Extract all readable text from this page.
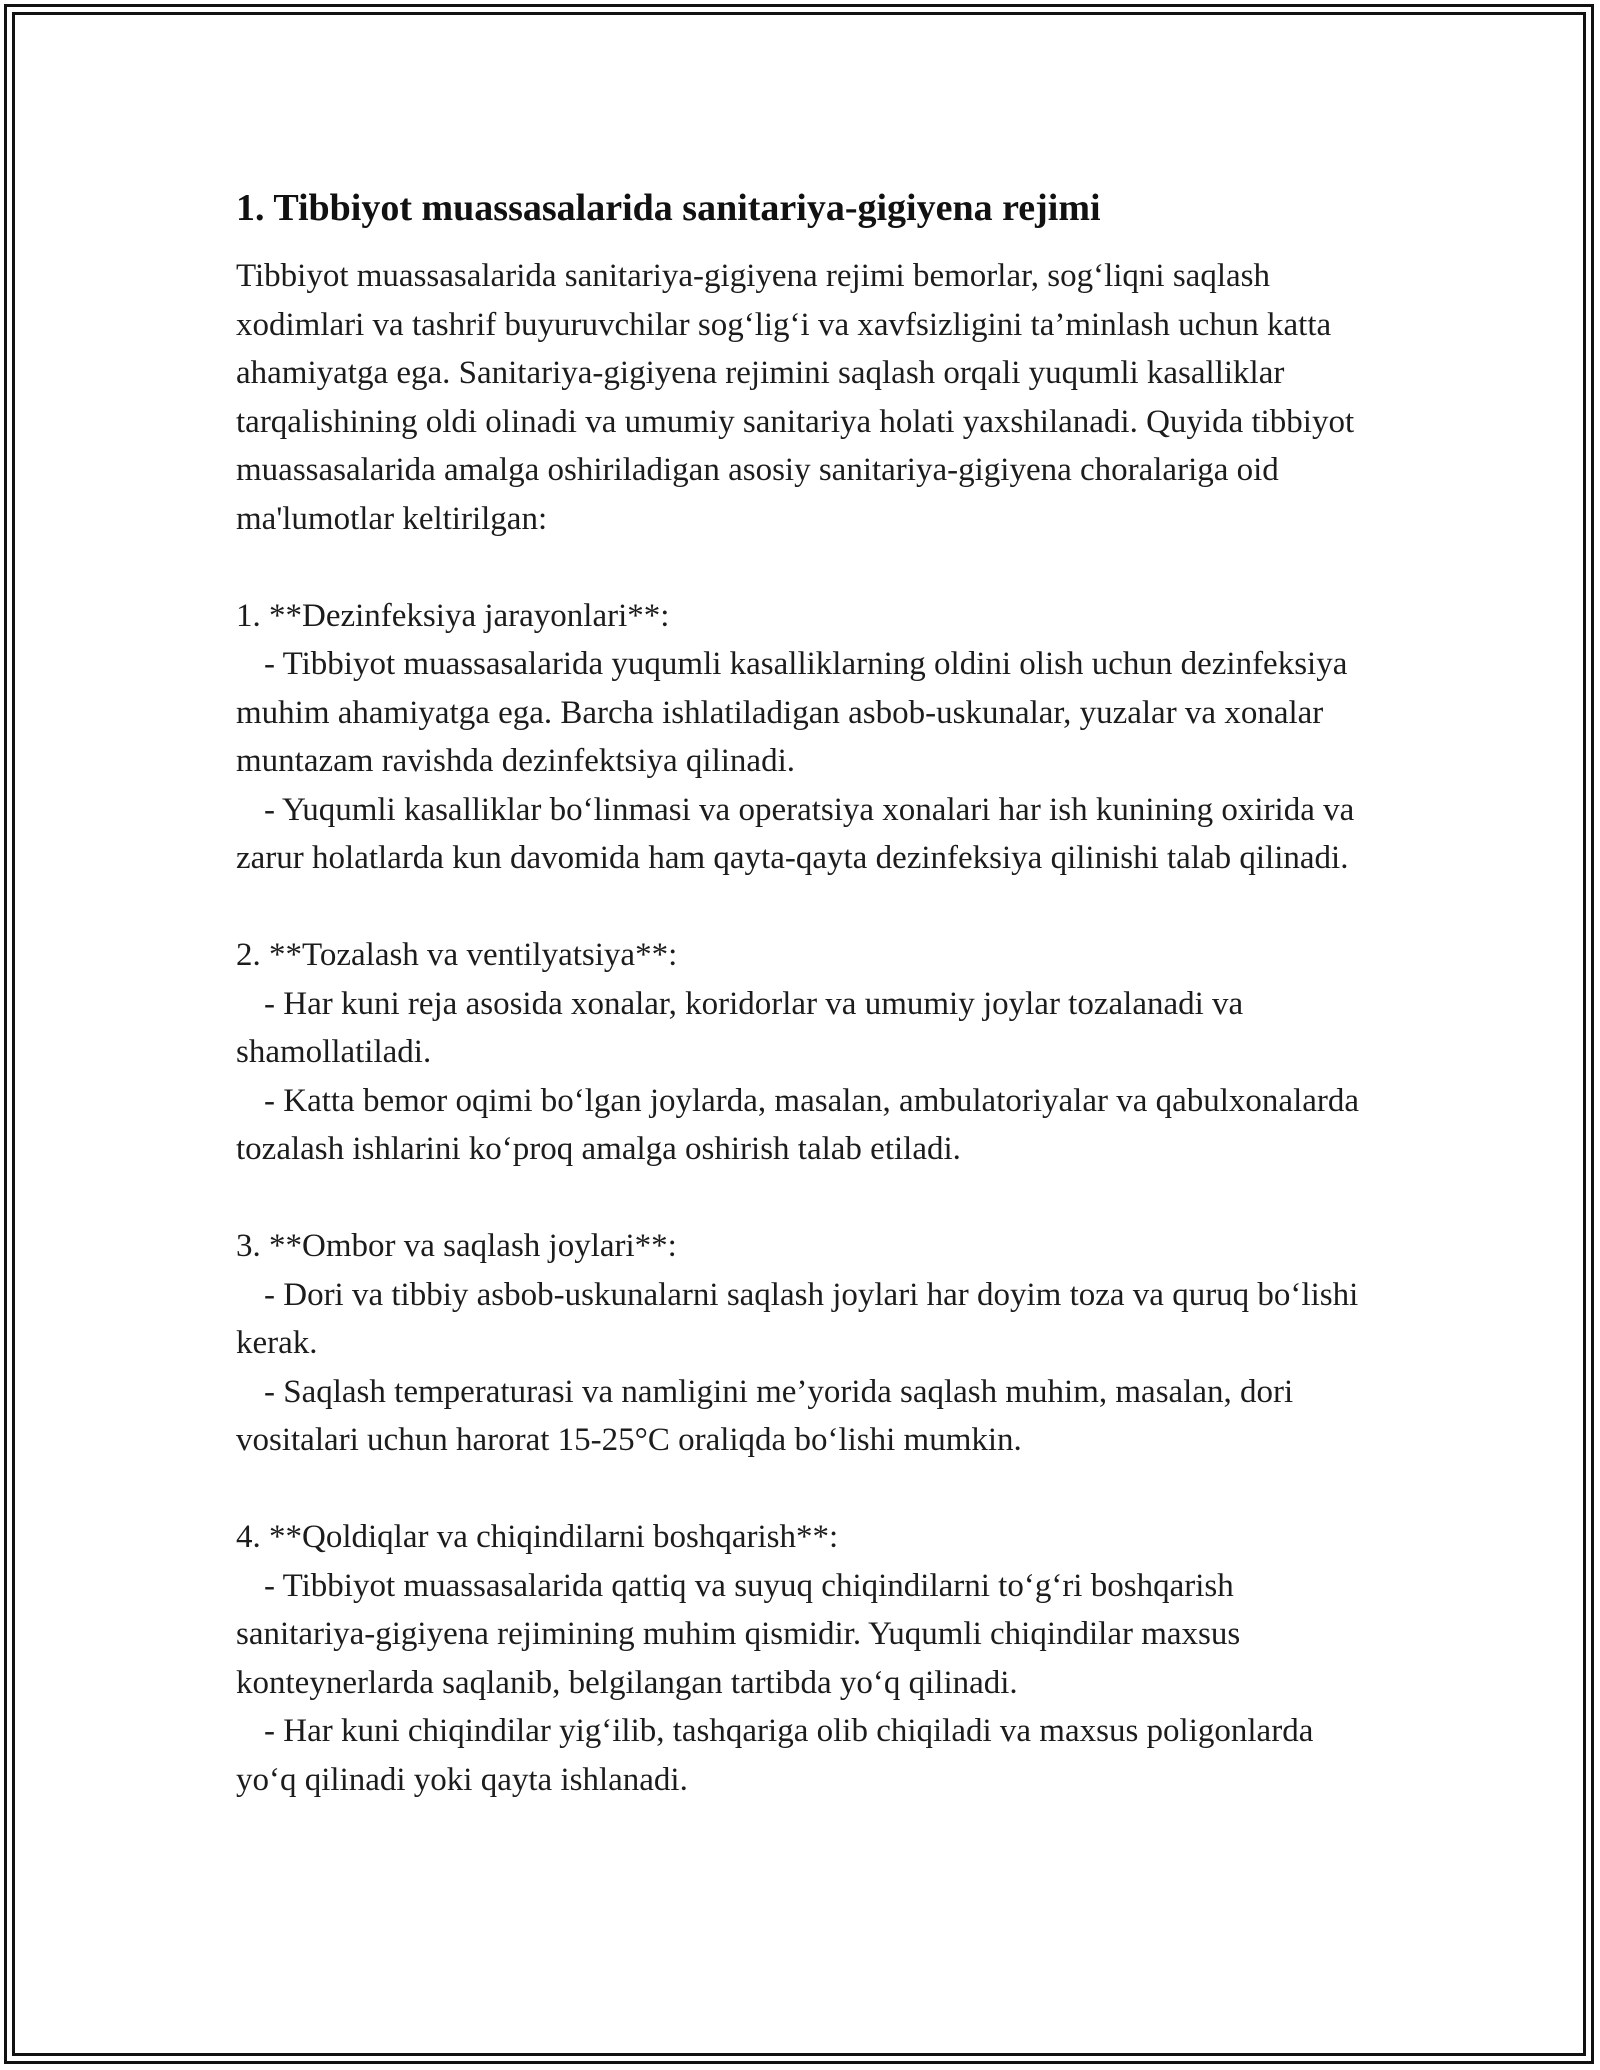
1. Tibbiyot muassasalarida sanitariya-gigiyena rejimi

Tibbiyot muassasalarida sanitariya-gigiyena rejimi bemorlar, sog‘liqni saqlash xodimlari va tashrif buyuruvchilar sog‘lig‘i va xavfsizligini ta’minlash uchun katta ahamiyatga ega. Sanitariya-gigiyena rejimini saqlash orqali yuqumli kasalliklar tarqalishining oldi olinadi va umumiy sanitariya holati yaxshilanadi. Quyida tibbiyot muassasalarida amalga oshiriladigan asosiy sanitariya-gigiyena choralariga oid ma'lumotlar keltirilgan:

1. **Dezinfeksiya jarayonlari**:

- Tibbiyot muassasalarida yuqumli kasalliklarning oldini olish uchun dezinfeksiya muhim ahamiyatga ega. Barcha ishlatiladigan asbob-uskunalar, yuzalar va xonalar muntazam ravishda dezinfektsiya qilinadi.

- Yuqumli kasalliklar bo‘linmasi va operatsiya xonalari har ish kunining oxirida va zarur holatlarda kun davomida ham qayta-qayta dezinfeksiya qilinishi talab qilinadi.

2. **Tozalash va ventilyatsiya**:

- Har kuni reja asosida xonalar, koridorlar va umumiy joylar tozalanadi va shamollatiladi.

- Katta bemor oqimi bo‘lgan joylarda, masalan, ambulatoriyalar va qabulxonalarda tozalash ishlarini ko‘proq amalga oshirish talab etiladi.

3. **Ombor va saqlash joylari**:

- Dori va tibbiy asbob-uskunalarni saqlash joylari har doyim toza va quruq bo‘lishi kerak.

- Saqlash temperaturasi va namligini me’yorida saqlash muhim, masalan, dori vositalari uchun harorat 15-25°C oraliqda bo‘lishi mumkin.

4. **Qoldiqlar va chiqindilarni boshqarish**:

- Tibbiyot muassasalarida qattiq va suyuq chiqindilarni to‘g‘ri boshqarish sanitariya-gigiyena rejimining muhim qismidir. Yuqumli chiqindilar maxsus konteynerlarda saqlanib, belgilangan tartibda yo‘q qilinadi.

- Har kuni chiqindilar yig‘ilib, tashqariga olib chiqiladi va maxsus poligonlarda yo‘q qilinadi yoki qayta ishlanadi.
